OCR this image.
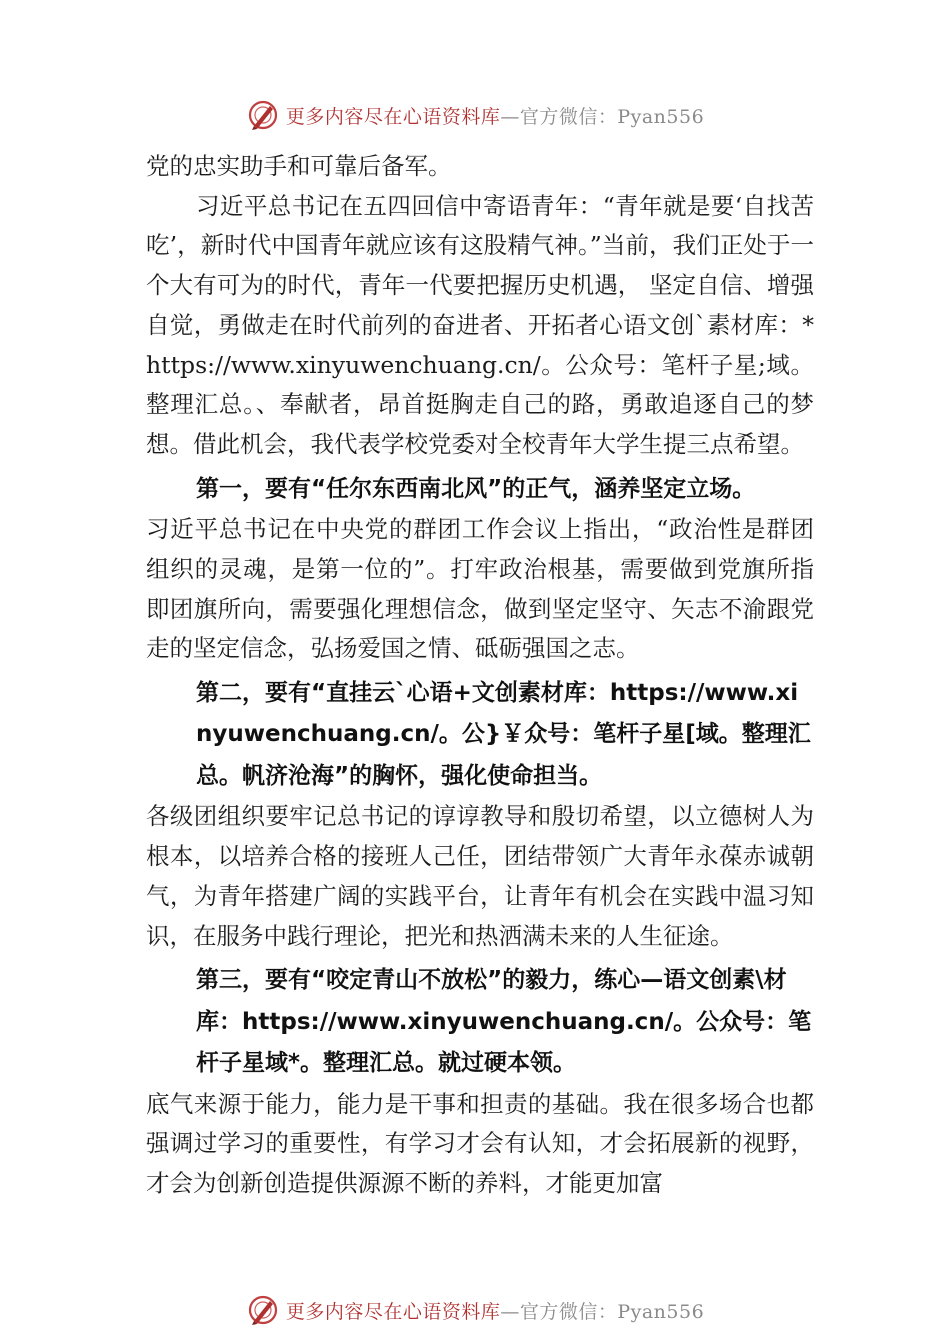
更多内容尽在心语资料库—官方微信：Pyan556

党的忠实助手和可靠后备军。

习近平总书记在五四回信中寄语青年：“青年就是要‘自找苦吃’，新时代中国青年就应该有这股精气神。”当前，我们正处于一个大有可为的时代，青年一代要把握历史机遇， 坚定自信、增强自觉，勇做走在时代前列的奋进者、开拓者心语文创`素材库：*https://www.xinyuwenchuang.cn/。公众号：笔杆子星;域。整理汇总。、奉献者，昂首挺胸走自己的路，勇敢追逐自己的梦想。借此机会，我代表学校党委对全校青年大学生提三点希望。

第一，要有“任尔东西南北风”的正气，涵养坚定立场。

习近平总书记在中央党的群团工作会议上指出，“政治性是群团组织的灵魂，是第一位的”。打牢政治根基，需要做到党旗所指即团旗所向，需要强化理想信念，做到坚定坚守、矢志不渝跟党走的坚定信念，弘扬爱国之情、砥砺强国之志。

第二，要有“直挂云`心语+文创素材库：https://www.xinyuwenchuang.cn/。公}￥众号：笔杆子星[域。整理汇总。帆济沧海”的胸怀，强化使命担当。

各级团组织要牢记总书记的谆谆教导和殷切希望，以立德树人为根本，以培养合格的接班人己任，团结带领广大青年永葆赤诚朝气，为青年搭建广阔的实践平台，让青年有机会在实践中温习知识，在服务中践行理论，把光和热洒满未来的人生征途。

第三，要有“咬定青山不放松”的毅力，练心—语文创素\材库：https://www.xinyuwenchuang.cn/。公众号：笔杆子星域*。整理汇总。就过硬本领。

底气来源于能力，能力是干事和担责的基础。我在很多场合也都强调过学习的重要性，有学习才会有认知，才会拓展新的视野，才会为创新创造提供源源不断的养料，才能更加富

更多内容尽在心语资料库—官方微信：Pyan556
